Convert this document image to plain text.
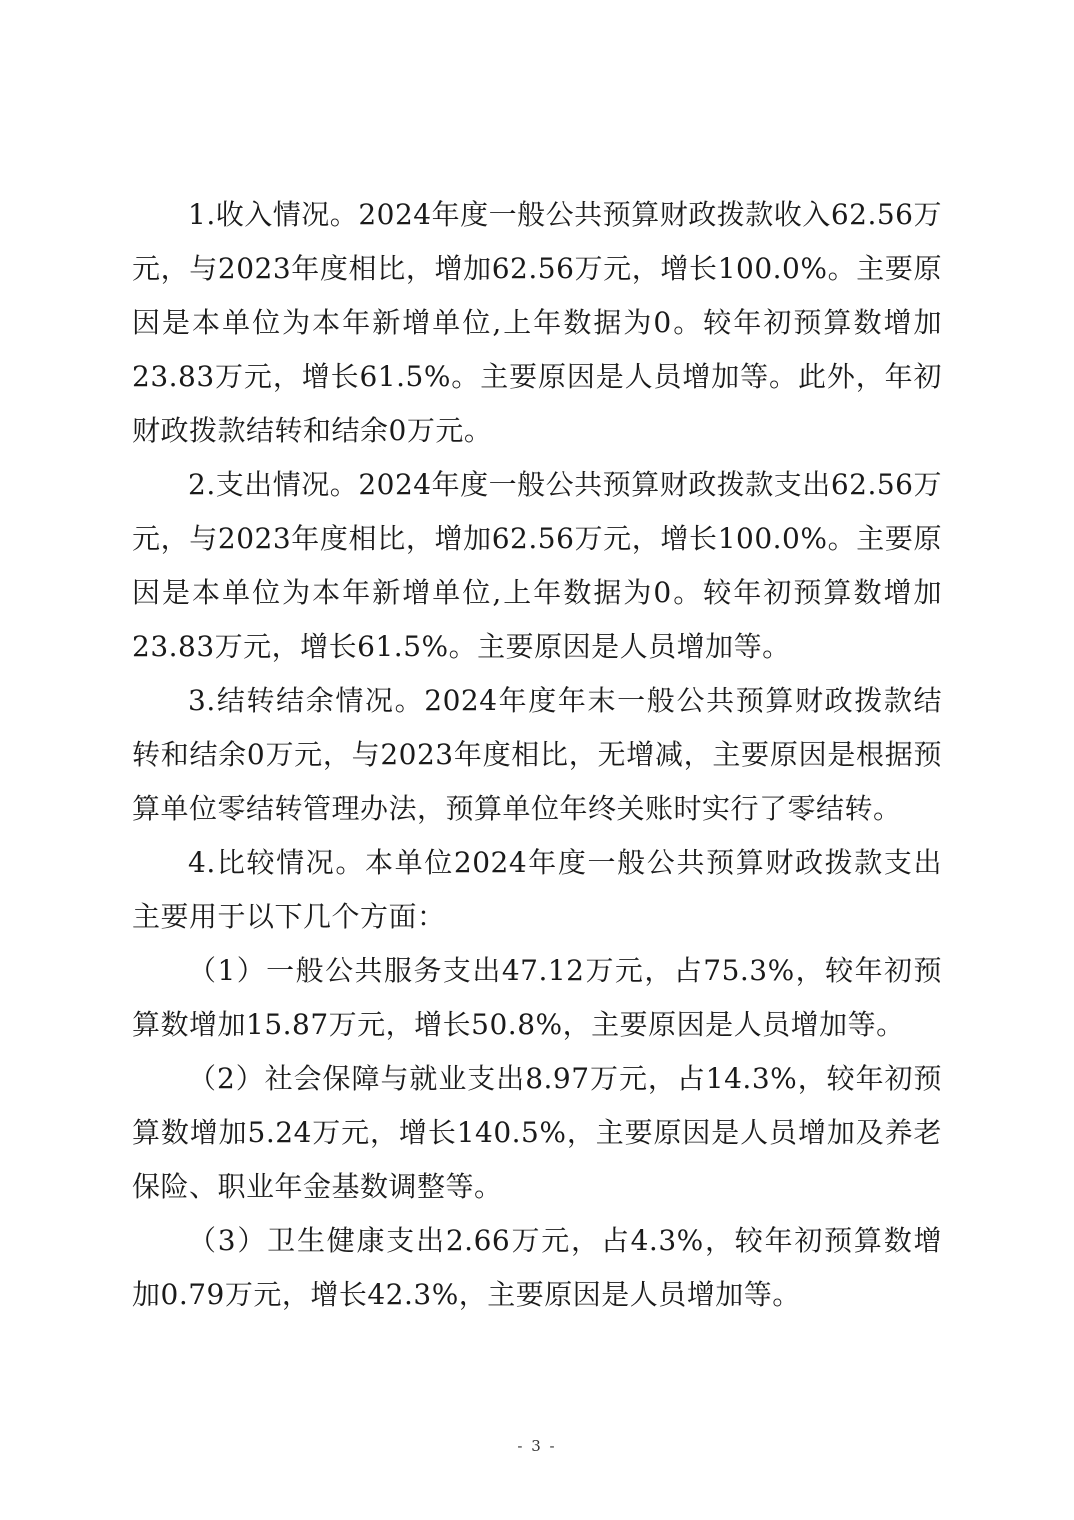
1.收入情况。2024年度一般公共预算财政拨款收入62.56万元，与2023年度相比，增加62.56万元，增长100.0%。主要原因是本单位为本年新增单位,上年数据为0。较年初预算数增加23.83万元，增长61.5%。主要原因是人员增加等。此外，年初财政拨款结转和结余0万元。

2.支出情况。2024年度一般公共预算财政拨款支出62.56万元，与2023年度相比，增加62.56万元，增长100.0%。主要原因是本单位为本年新增单位,上年数据为0。较年初预算数增加23.83万元，增长61.5%。主要原因是人员增加等。

3.结转结余情况。2024年度年末一般公共预算财政拨款结转和结余0万元，与2023年度相比，无增减，主要原因是根据预算单位零结转管理办法，预算单位年终关账时实行了零结转。

4.比较情况。本单位2024年度一般公共预算财政拨款支出主要用于以下几个方面：

（1）一般公共服务支出47.12万元，占75.3%，较年初预算数增加15.87万元，增长50.8%，主要原因是人员增加等。

（2）社会保障与就业支出8.97万元，占14.3%，较年初预算数增加5.24万元，增长140.5%，主要原因是人员增加及养老保险、职业年金基数调整等。

（3）卫生健康支出2.66万元，占4.3%，较年初预算数增加0.79万元，增长42.3%，主要原因是人员增加等。

- 3 -
